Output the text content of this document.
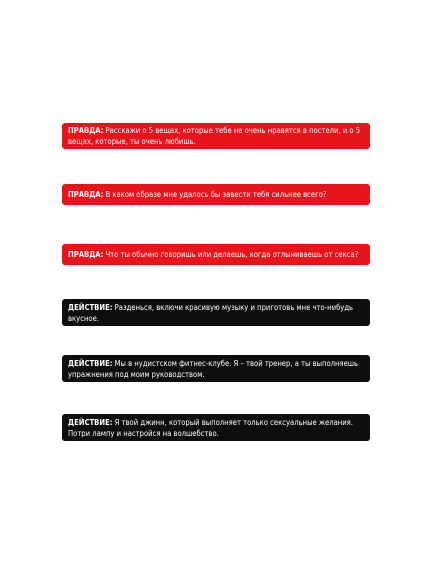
ПРАВДА: Расскажи о 5 вещах, которые тебе не очень нравятся в постели, и о 5 вещах, которые, ты очень любишь.
ПРАВДА: В каком образе мне удалось бы завести тебя сильнее всего?
ПРАВДА: Что ты обычно говоришь или делаешь, когда отлыниваешь от секса?
ДЕЙСТВИЕ: Разденься, включи красивую музыку и приготовь мне что-нибудь вкусное.
ДЕЙСТВИЕ: Мы в нудистском фитнес-клубе. Я – твой тренер, а ты выполняешь упражнения под моим руководством.
ДЕЙСТВИЕ: Я твой джинн, который выполняет только сексуальные желания. Потри лампу и настройся на волшебство.
